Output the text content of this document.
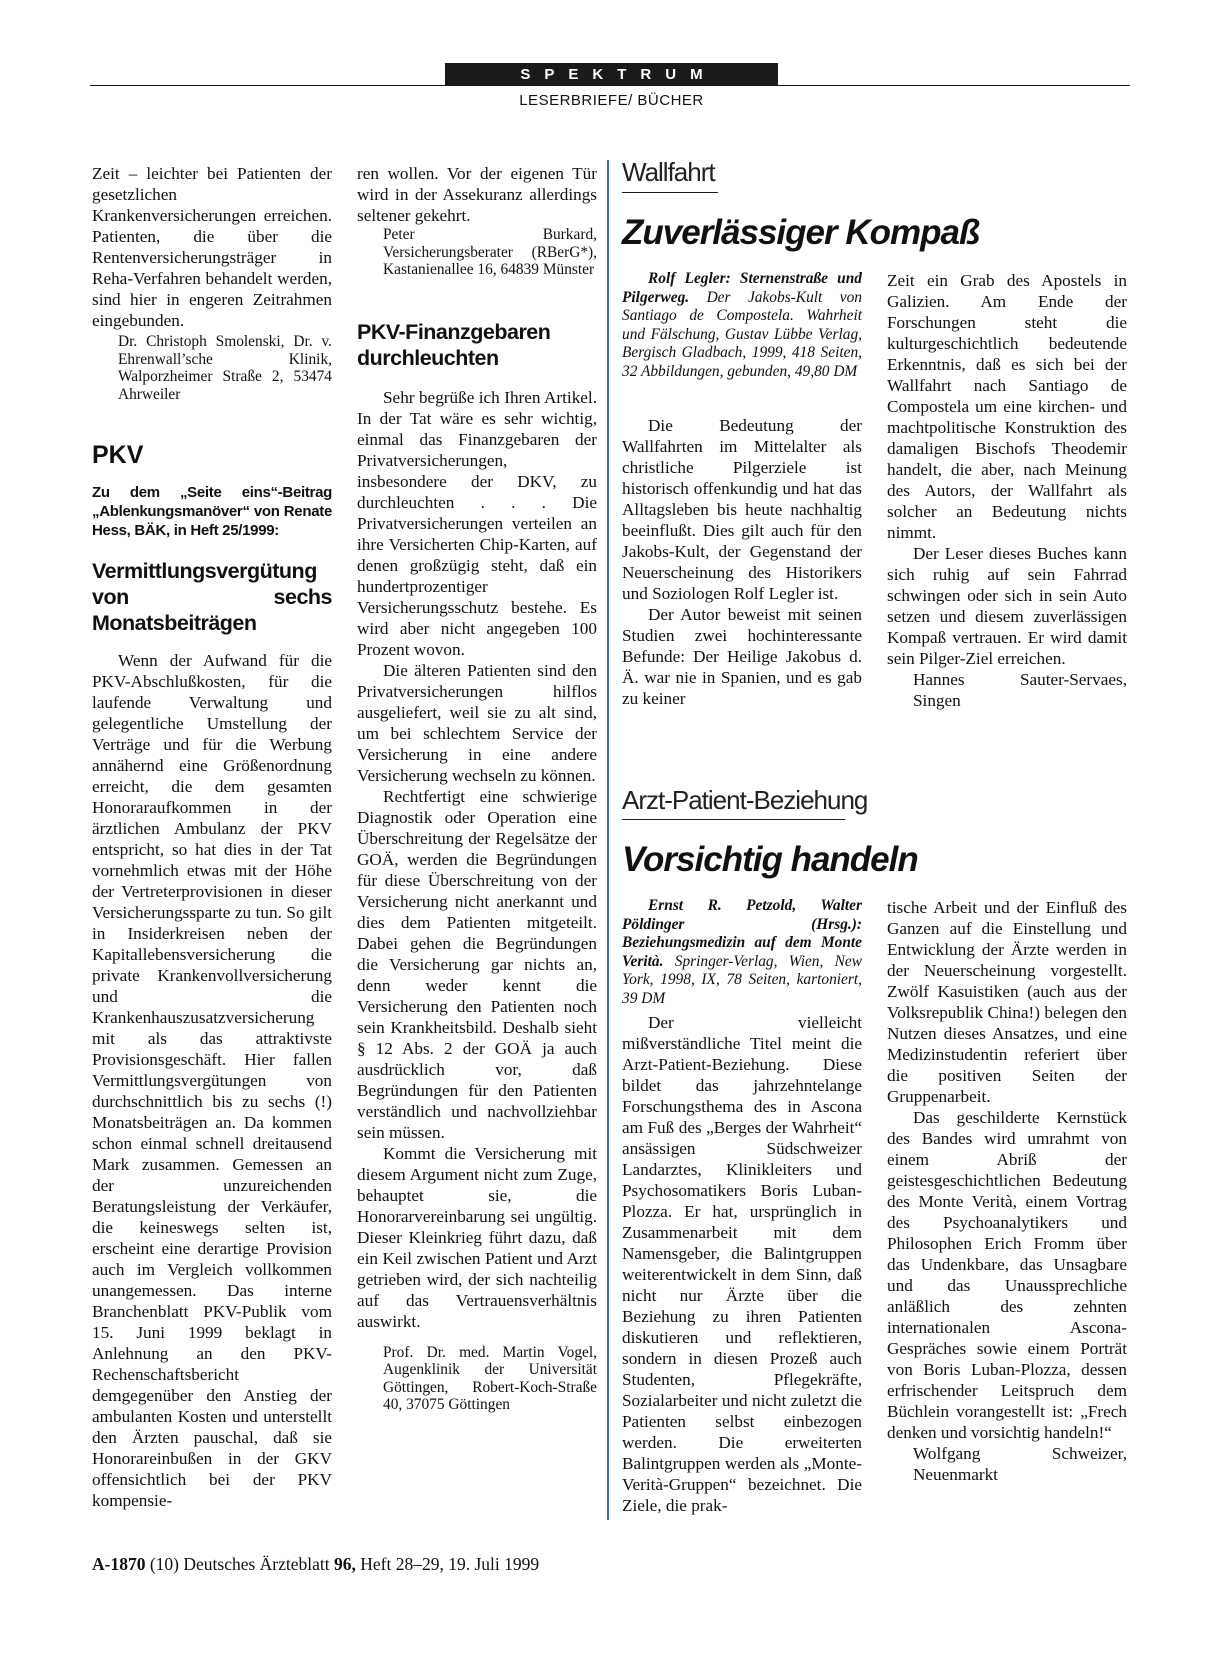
SPEKTRUM
LESERBRIEFE/ BÜCHER

Zeit – leichter bei Patienten der gesetzlichen Krankenversicherungen erreichen. Patienten, die über die Rentenversicherungsträger in Reha-Verfahren behandelt werden, sind hier in engeren Zeitrahmen eingebunden.

Dr. Christoph Smolenski, Dr. v. Ehrenwall’sche Klinik, Walporzheimer Straße 2, 53474 Ahrweiler

PKV

Zu dem „Seite eins“-Beitrag „Ablenkungsmanöver“ von Renate Hess, BÄK, in Heft 25/1999:

Vermittlungsvergütung von sechs Monatsbeiträgen

Wenn der Aufwand für die PKV-Abschlußkosten, für die laufende Verwaltung und gelegentliche Umstellung der Verträge und für die Werbung annähernd eine Größenordnung erreicht, die dem gesamten Honoraraufkommen in der ärztlichen Ambulanz der PKV entspricht, so hat dies in der Tat vornehmlich etwas mit der Höhe der Vertreterprovisionen in dieser Versicherungssparte zu tun. So gilt in Insiderkreisen neben der Kapitallebensversicherung die private Krankenvollversicherung und die Krankenhauszusatzversicherung mit als das attraktivste Provisionsgeschäft. Hier fallen Vermittlungsvergütungen von durchschnittlich bis zu sechs (!) Monatsbeiträgen an. Da kommen schon einmal schnell dreitausend Mark zusammen. Gemessen an der unzureichenden Beratungsleistung der Verkäufer, die keineswegs selten ist, erscheint eine derartige Provision auch im Vergleich vollkommen unangemessen. Das interne Branchenblatt PKV-Publik vom 15. Juni 1999 beklagt in Anlehnung an den PKV-Rechenschaftsbericht demgegenüber den Anstieg der ambulanten Kosten und unterstellt den Ärzten pauschal, daß sie Honorareinbußen in der GKV offensichtlich bei der PKV kompensie-

ren wollen. Vor der eigenen Tür wird in der Assekuranz allerdings seltener gekehrt.

Peter Burkard, Versicherungsberater (RBerG*), Kastanienallee 16, 64839 Münster

PKV-Finanzgebaren durchleuchten

Sehr begrüße ich Ihren Artikel. In der Tat wäre es sehr wichtig, einmal das Finanzgebaren der Privatversicherungen, insbesondere der DKV, zu durchleuchten . . . Die Privatversicherungen verteilen an ihre Versicherten Chip-Karten, auf denen großzügig steht, daß ein hundertprozentiger Versicherungsschutz bestehe. Es wird aber nicht angegeben 100 Prozent wovon.

Die älteren Patienten sind den Privatversicherungen hilflos ausgeliefert, weil sie zu alt sind, um bei schlechtem Service der Versicherung in eine andere Versicherung wechseln zu können.

Rechtfertigt eine schwierige Diagnostik oder Operation eine Überschreitung der Regelsätze der GOÄ, werden die Begründungen für diese Überschreitung von der Versicherung nicht anerkannt und dies dem Patienten mitgeteilt. Dabei gehen die Begründungen die Versicherung gar nichts an, denn weder kennt die Versicherung den Patienten noch sein Krankheitsbild. Deshalb sieht § 12 Abs. 2 der GOÄ ja auch ausdrücklich vor, daß Begründungen für den Patienten verständlich und nachvollziehbar sein müssen.

Kommt die Versicherung mit diesem Argument nicht zum Zuge, behauptet sie, die Honorarvereinbarung sei ungültig. Dieser Kleinkrieg führt dazu, daß ein Keil zwischen Patient und Arzt getrieben wird, der sich nachteilig auf das Vertrauensverhältnis auswirkt.

Prof. Dr. med. Martin Vogel, Augenklinik der Universität Göttingen, Robert-Koch-Straße 40, 37075 Göttingen

Wallfahrt
Zuverlässiger Kompaß

Rolf Legler: Sternenstraße und Pilgerweg. Der Jakobs-Kult von Santiago de Compostela. Wahrheit und Fälschung, Gustav Lübbe Verlag, Bergisch Gladbach, 1999, 418 Seiten, 32 Abbildungen, gebunden, 49,80 DM

Die Bedeutung der Wallfahrten im Mittelalter als christliche Pilgerziele ist historisch offenkundig und hat das Alltagsleben bis heute nachhaltig beeinflußt. Dies gilt auch für den Jakobs-Kult, der Gegenstand der Neuerscheinung des Historikers und Soziologen Rolf Legler ist.

Der Autor beweist mit seinen Studien zwei hochinteressante Befunde: Der Heilige Jakobus d. Ä. war nie in Spanien, und es gab zu keiner

Zeit ein Grab des Apostels in Galizien. Am Ende der Forschungen steht die kulturgeschichtlich bedeutende Erkenntnis, daß es sich bei der Wallfahrt nach Santiago de Compostela um eine kirchen- und machtpolitische Konstruktion des damaligen Bischofs Theodemir handelt, die aber, nach Meinung des Autors, der Wallfahrt als solcher an Bedeutung nichts nimmt.

Der Leser dieses Buches kann sich ruhig auf sein Fahrrad schwingen oder sich in sein Auto setzen und diesem zuverlässigen Kompaß vertrauen. Er wird damit sein Pilger-Ziel erreichen.

Hannes Sauter-Servaes, Singen

Arzt-Patient-Beziehung
Vorsichtig handeln

Ernst R. Petzold, Walter Pöldinger (Hrsg.): Beziehungsmedizin auf dem Monte Verità. Springer-Verlag, Wien, New York, 1998, IX, 78 Seiten, kartoniert, 39 DM

Der vielleicht mißverständliche Titel meint die Arzt-Patient-Beziehung. Diese bildet das jahrzehntelange Forschungsthema des in Ascona am Fuß des „Berges der Wahrheit“ ansässigen Südschweizer Landarztes, Klinikleiters und Psychosomatikers Boris Luban-Plozza. Er hat, ursprünglich in Zusammenarbeit mit dem Namensgeber, die Balintgruppen weiterentwickelt in dem Sinn, daß nicht nur Ärzte über die Beziehung zu ihren Patienten diskutieren und reflektieren, sondern in diesen Prozeß auch Studenten, Pflegekräfte, Sozialarbeiter und nicht zuletzt die Patienten selbst einbezogen werden. Die erweiterten Balintgruppen werden als „Monte-Verità-Gruppen“ bezeichnet. Die Ziele, die prak-

tische Arbeit und der Einfluß des Ganzen auf die Einstellung und Entwicklung der Ärzte werden in der Neuerscheinung vorgestellt. Zwölf Kasuistiken (auch aus der Volksrepublik China!) belegen den Nutzen dieses Ansatzes, und eine Medizinstudentin referiert über die positiven Seiten der Gruppenarbeit.

Das geschilderte Kernstück des Bandes wird umrahmt von einem Abriß der geistesgeschichtlichen Bedeutung des Monte Verità, einem Vortrag des Psychoanalytikers und Philosophen Erich Fromm über das Undenkbare, das Unsagbare und das Unaussprechliche anläßlich des zehnten internationalen Ascona-Gespräches sowie einem Porträt von Boris Luban-Plozza, dessen erfrischender Leitspruch dem Büchlein vorangestellt ist: „Frech denken und vorsichtig handeln!“

Wolfgang Schweizer, Neuenmarkt

A-1870 (10) Deutsches Ärzteblatt 96, Heft 28–29, 19. Juli 1999
